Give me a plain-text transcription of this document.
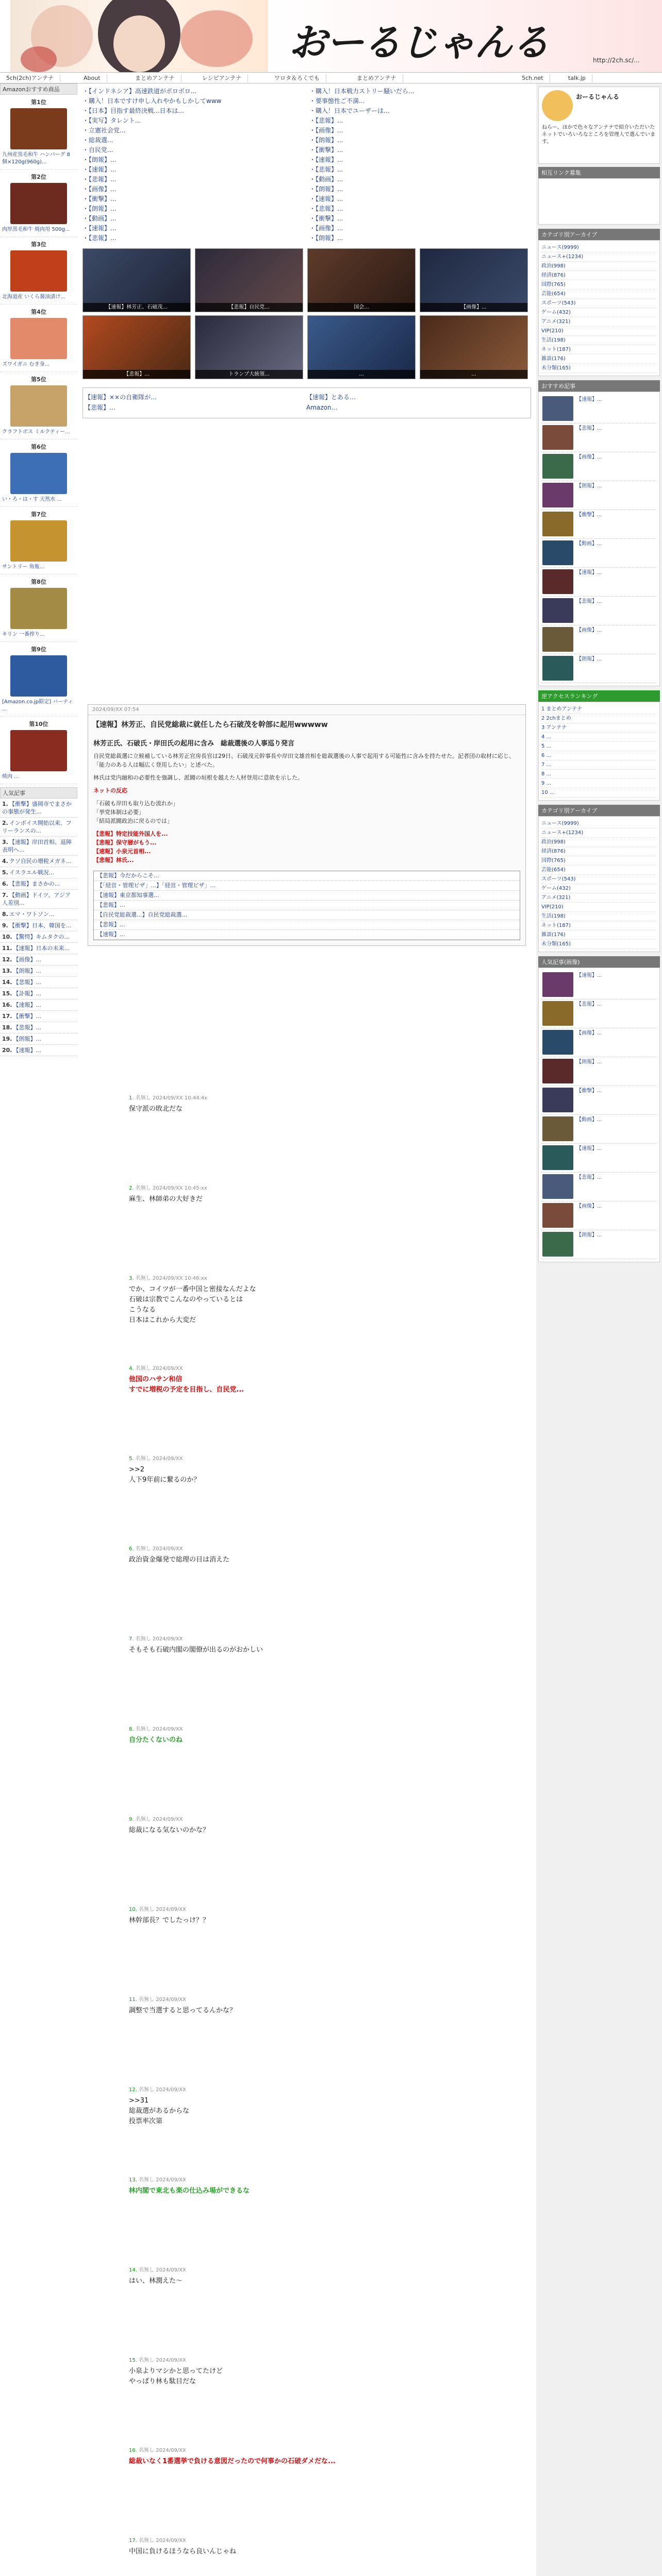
おーるじゃんる	http://2ch.sc/...
5ch(2ch)アンテナ	About	まとめアンテナ	レシピアンテナ	ワロタ＆ろくでも	まとめアンテナ	5ch.net	talk.jp
Amazonおすすめ商品
第1位
九州産黒毛和牛 ハンバーグ 8個×120g(960g)...
第2位
肉厚黒毛和牛 焼肉用 500g...
第3位
北海道産 いくら醤油漬け...
第4位
ズワイガニ むき身...
第5位
クラフトボス ミルクティー...
第6位
い・ろ・は・す 天然水 ...
第7位
サントリー 角瓶...
第8位
キリン 一番搾り...
第9位
[Amazon.co.jp限定] バーティ ...
第10位
焼肉 ...
人気記事
1. 【衝撃】盛岡市でまさかの事態が発生…
2. インボイス開始以来、フリーランスの...
3. 【速報】岸田首相、退陣表明へ...
4. クソ自民の増税メガネ...
5. イスラエル戦況...
6. 【悲報】まさかの...
7. 【動画】ドイツ、アジア人差別...
8. エマ・ワトソン...
9. 【衝撃】日本、韓国を...
10. 【驚愕】キムタクの...
11. 【速報】日本の未来...
12. 【画像】...
13. 【朗報】...
14. 【悲報】...
15. 【訃報】...
16. 【速報】...
17. 【衝撃】...
18. 【悲報】...
19. 【朗報】...
20. 【速報】...
・【インドネシア】高速鉄道がボロボロ...
・購入！日本ですけ申し入れやかもしかしてwww
・【日本】目指す最終決戦...日本は...
・【実写】タレント...
・立憲社会党...
・総裁選...
・自民党...
・【朗報】...
・【速報】...
・【悲報】...
・【画像】...
・【衝撃】...
・【朗報】...
・【動画】...
・【速報】...
・【悲報】...
・購入！日本戦力ストリー騒いだら...
・要事態性ご不満...
・購入！日本でユーザーは...
・【悲報】...
・【画像】...
・【朗報】...
・【衝撃】...
・【速報】...
・【悲報】...
・【動画】...
・【朗報】...
・【速報】...
・【悲報】...
・【衝撃】...
・【画像】...
・【朗報】...
【速報】林芳正、石破茂...	【悲報】自民党...	国会...	【画像】...
【悲報】...	トランプ大統領...	...	...
【速報】××の自衛隊が…	【速報】とある…
【悲報】…	Amazon…
2024/09/XX 07:54
【速報】林芳正、自民党総裁に就任したら石破茂を幹部に起用wwwww
林芳正氏、石破氏・岸田氏の起用に含み　総裁選後の人事巡り発言
自民党総裁選に立候補している林芳正官房長官は29日、石破茂元幹事長や岸田文雄首相を総裁選後の人事で起用する可能性に含みを持たせた。記者団の取材に応じ、「能力のある人は幅広く登用したい」と述べた。
林氏は党内融和の必要性を強調し、派閥の垣根を越えた人材登用に意欲を示した。
ネットの反応
「石破も岸田も取り込む流れか」
「挙党体制は必要」
「結局派閥政治に戻るのでは」
【悲報】特定技能外国人を...
【悲報】保守層がもう...
【速報】小泉元首相...
【悲報】林氏...
【悲報】今だからこそ...
【「経営・管理ビザ」...】「経営・管理ビザ」...
【速報】東京都知事選...
【悲報】...
【自民党総裁選...】自民党総裁選...
【悲報】...
【速報】...
1. 名無し 2024/09/XX 10:44:4x
保守派の敗北だな
2. 名無し 2024/09/XX 10:45:xx
麻生、林師弟の大好きだ
3. 名無し 2024/09/XX 10:46:xx
でか、コイツが一番中国と密接なんだよな
石破は宗教でこんなのやっているとは
こうなる
日本はこれから大変だ
4. 名無し 2024/09/XX
他国のハサン和信
すでに増税の予定を目指し、自民党...
5. 名無し 2024/09/XX
>>2
人下9年前に繋るのか？
6. 名無し 2024/09/XX
政治資金爆発で総理の目は消えた
7. 名無し 2024/09/XX
そもそも石破内閣の閣僚が出るのがおかしい
8. 名無し 2024/09/XX
自分たくないのね
9. 名無し 2024/09/XX
総裁になる気ないのかな？
10. 名無し 2024/09/XX
林幹部長？でしたっけ？？
11. 名無し 2024/09/XX
調整で当選すると思ってるんかな？
12. 名無し 2024/09/XX
>>31
総裁選があるからな
投票率次第
13. 名無し 2024/09/XX
林内閣で東北も楽の仕込み場ができるな
14. 名無し 2024/09/XX
はい、林潤えた～
15. 名無し 2024/09/XX
小泉よりマシかと思ってたけど
やっぱり林も駄目だな
16. 名無し 2024/09/XX
総裁いなく1番選挙で負ける意図だったので何事かの石破ダメだな...
17. 名無し 2024/09/XX
中国に負けるほうなら良いんじゃね
おーるじゃんる
ねらー、ほかで色々なアンテナで紹介いただいたネットでいろいろなところを管理人で選んでいます。
相互リンク募集
カテゴリ別アーカイブ
ニュース(9999)
ニュース+(1234)
政治(998)
経済(876)
国際(765)
芸能(654)
スポーツ(543)
ゲーム(432)
アニメ(321)
VIP(210)
生活(198)
ネット(187)
雑談(176)
未分類(165)
おすすめ記事
【速報】...
【悲報】...
【画像】...
【朗報】...
【衝撃】...
【動画】...
【速報】...
【悲報】...
【画像】...
【朗報】...
逆アクセスランキング
1 まとめアンテナ
2 2chまとめ
3 アンテナ
4 ...
5 ...
6 ...
7 ...
8 ...
9 ...
10 ...
カテゴリ別アーカイブ
ニュース(9999)
ニュース+(1234)
政治(998)
経済(876)
国際(765)
芸能(654)
スポーツ(543)
ゲーム(432)
アニメ(321)
VIP(210)
生活(198)
ネット(187)
雑談(176)
未分類(165)
人気記事(画像)
【速報】...
【悲報】...
【画像】...
【朗報】...
【衝撃】...
【動画】...
【速報】...
【悲報】...
【画像】...
【朗報】...
